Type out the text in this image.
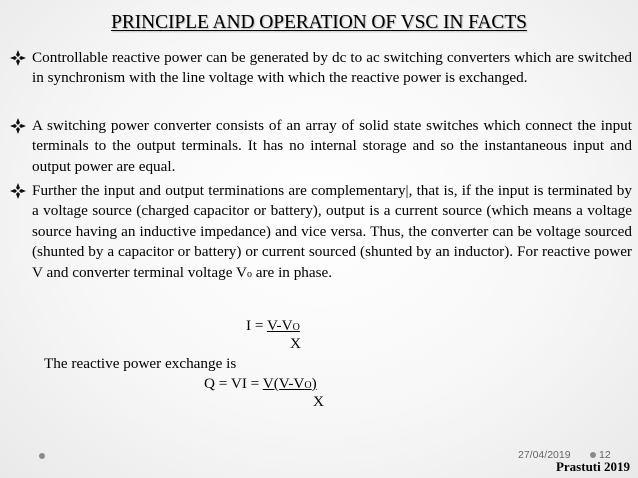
PRINCIPLE AND OPERATION OF VSC IN FACTS
Controllable reactive power can be generated by dc to ac switching converters which are switched in synchronism with the line voltage with which the reactive power is exchanged.
A switching power converter consists of an array of solid state switches which connect the input terminals to the output terminals. It has no internal storage and so the instantaneous input and output power are equal.
Further the input and output terminations are complementary|, that is, if the input is terminated by a voltage source (charged capacitor or battery), output is a current source (which means a voltage source having an inductive impedance) and vice versa. Thus, the converter can be voltage sourced (shunted by a capacitor or battery) or current sourced (shunted by an inductor). For reactive power V and converter terminal voltage Vo are in phase.
I = V-VO
X
The reactive power exchange is
Q = VI = V(V-VO)
X
27/04/2019	12
Prastuti 2019
